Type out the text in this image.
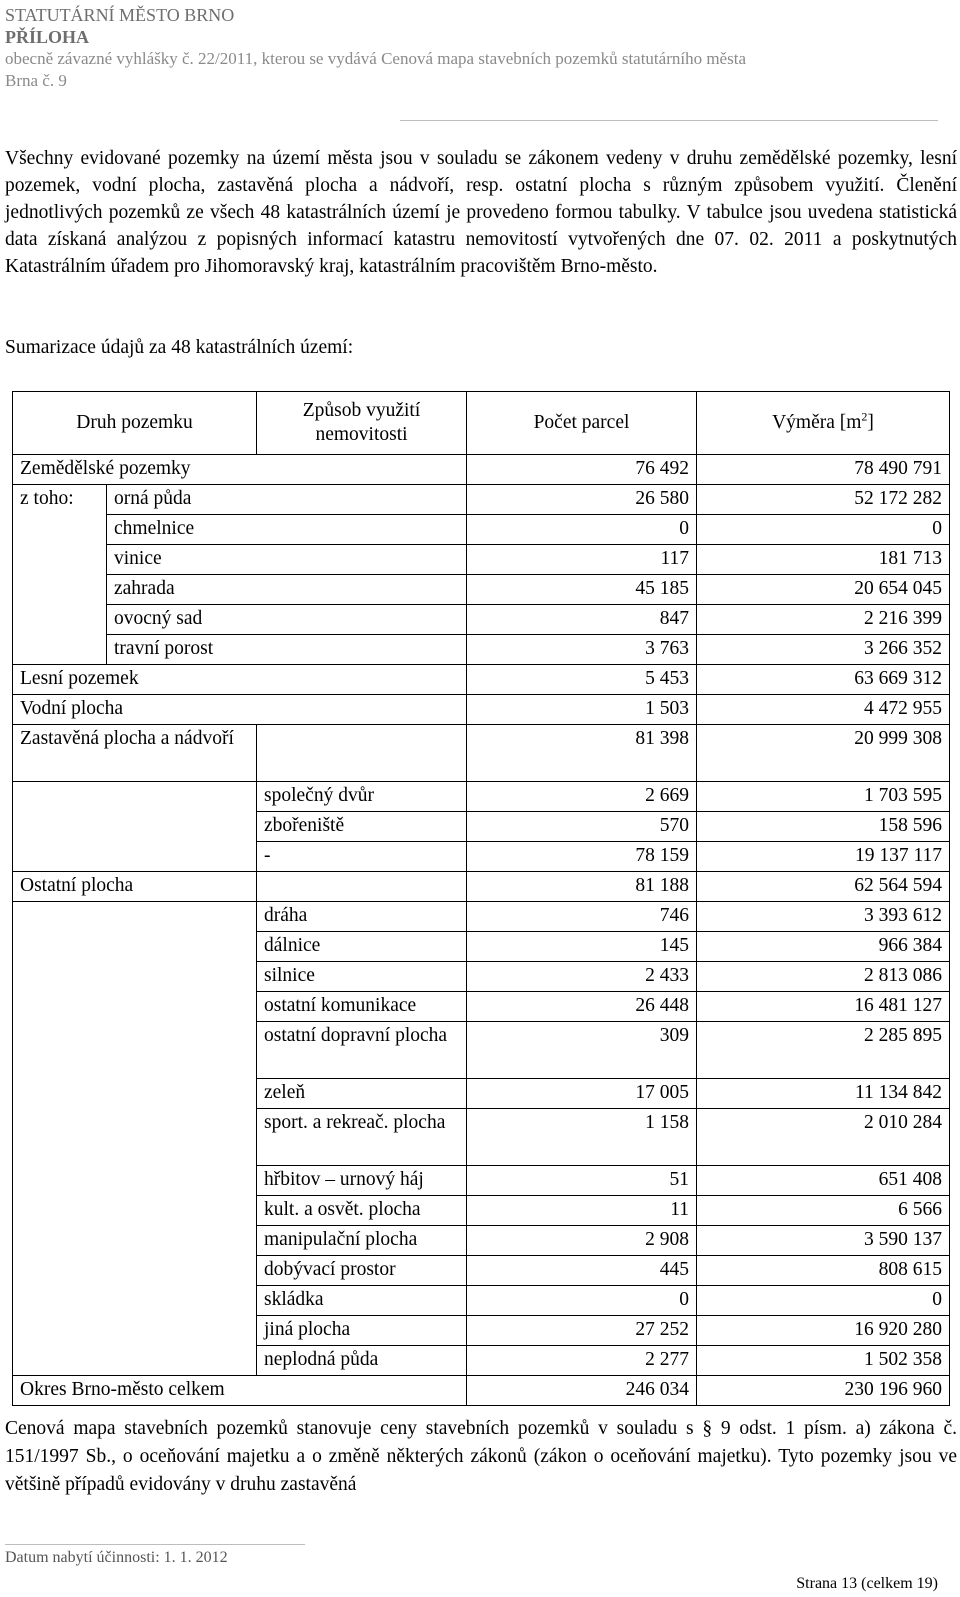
STATUTÁRNÍ MĚSTO BRNO
PŘÍLOHA
obecně závazné vyhlášky č. 22/2011, kterou se vydává Cenová mapa stavebních pozemků statutárního města
Brna č. 9

Všechny evidované pozemky na území města jsou v souladu se zákonem vedeny v druhu zemědělské pozemky, lesní pozemek, vodní plocha, zastavěná plocha a nádvoří, resp. ostatní plocha s různým způsobem využití. Členění jednotlivých pozemků ze všech 48 katastrálních území je provedeno formou tabulky. V tabulce jsou uvedena statistická data získaná analýzou z popisných informací katastru nemovitostí vytvořených dne 07. 02. 2011 a poskytnutých Katastrálním úřadem pro Jihomoravský kraj, katastrálním pracovištěm Brno-město.

Sumarizace údajů za 48 katastrálních území:
Druh pozemku		Způsob využití nemovitosti	Počet parcel	Výměra $[m^2]$
Zemědělské pozemky			76 492	78 490 791
z toho:	orná půda		26 580	52 172 282
	chmelnice		0	0
	vinice		117	181 713
	zahrada		45 185	20 654 045
	ovocný sad		847	2 216 399
	travní porost		3 763	3 266 352
Lesní pozemek			5 453	63 669 312
Vodní plocha			1 503	4 472 955
Zastavěná plocha a nádvoří			81 398	20 999 308
		společný dvůr	2 669	1 703 595
		zbořeniště	570	158 596
		-	78 159	19 137 117
Ostatní plocha			81 188	62 564 594
		dráha	746	3 393 612
		dálnice	145	966 384
		silnice	2 433	2 813 086
		ostatní komunikace	26 448	16 481 127
		ostatní dopravní plocha	309	2 285 895
		zeleň	17 005	11 134 842
		sport. a rekreač. plocha	1 158	2 010 284
		hřbitov – urnový háj	51	651 408
		kult. a osvět. plocha	11	6 566
		manipulační plocha	2 908	3 590 137
		dobývací prostor	445	808 615
		skládka	0	0
		jiná plocha	27 252	16 920 280
		neplodná půda	2 277	1 502 358
Okres Brno-město celkem			246 034	230 196 960

Cenová mapa stavebních pozemků stanovuje ceny stavebních pozemků v souladu s § 9 odst. 1 písm. a) zákona č. 151/1997 Sb., o oceňování majetku a o změně některých zákonů (zákon o oceňování majetku). Tyto pozemky jsou ve většině případů evidovány v druhu zastavěná

Datum nabytí účinnosti: 1. 1. 2012
Strana 13 (celkem 19)
